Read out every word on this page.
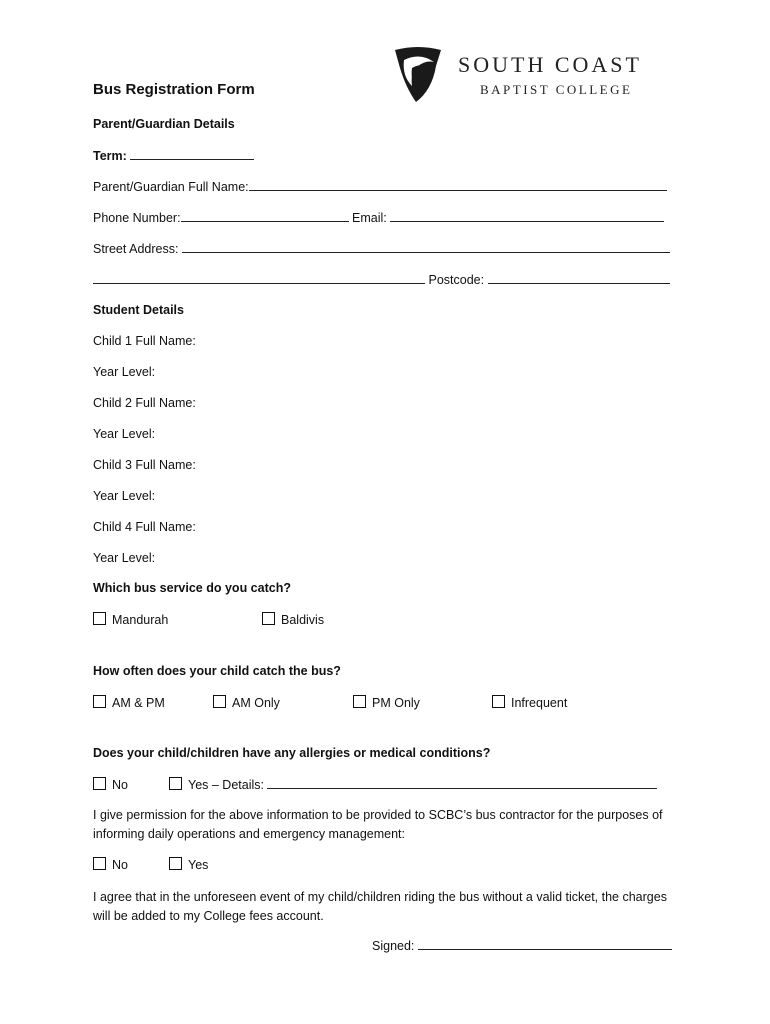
SOUTH COAST
BAPTIST COLLEGE
Bus Registration Form
Parent/Guardian Details
Term:
Parent/Guardian Full Name:
Phone Number:	Email:
Street Address:
Postcode:
Student Details
Child 1 Full Name:
Year Level:
Child 2 Full Name:
Year Level:
Child 3 Full Name:
Year Level:
Child 4 Full Name:
Year Level:
Which bus service do you catch?
Mandurah	Baldivis
How often does your child catch the bus?
AM & PM	AM Only	PM Only	Infrequent
Does your child/children have any allergies or medical conditions?
No	Yes – Details:
I give permission for the above information to be provided to SCBC’s bus contractor for the purposes of informing daily operations and emergency management:
No	Yes
I agree that in the unforeseen event of my child/children riding the bus without a valid ticket, the charges will be added to my College fees account.
Signed:
